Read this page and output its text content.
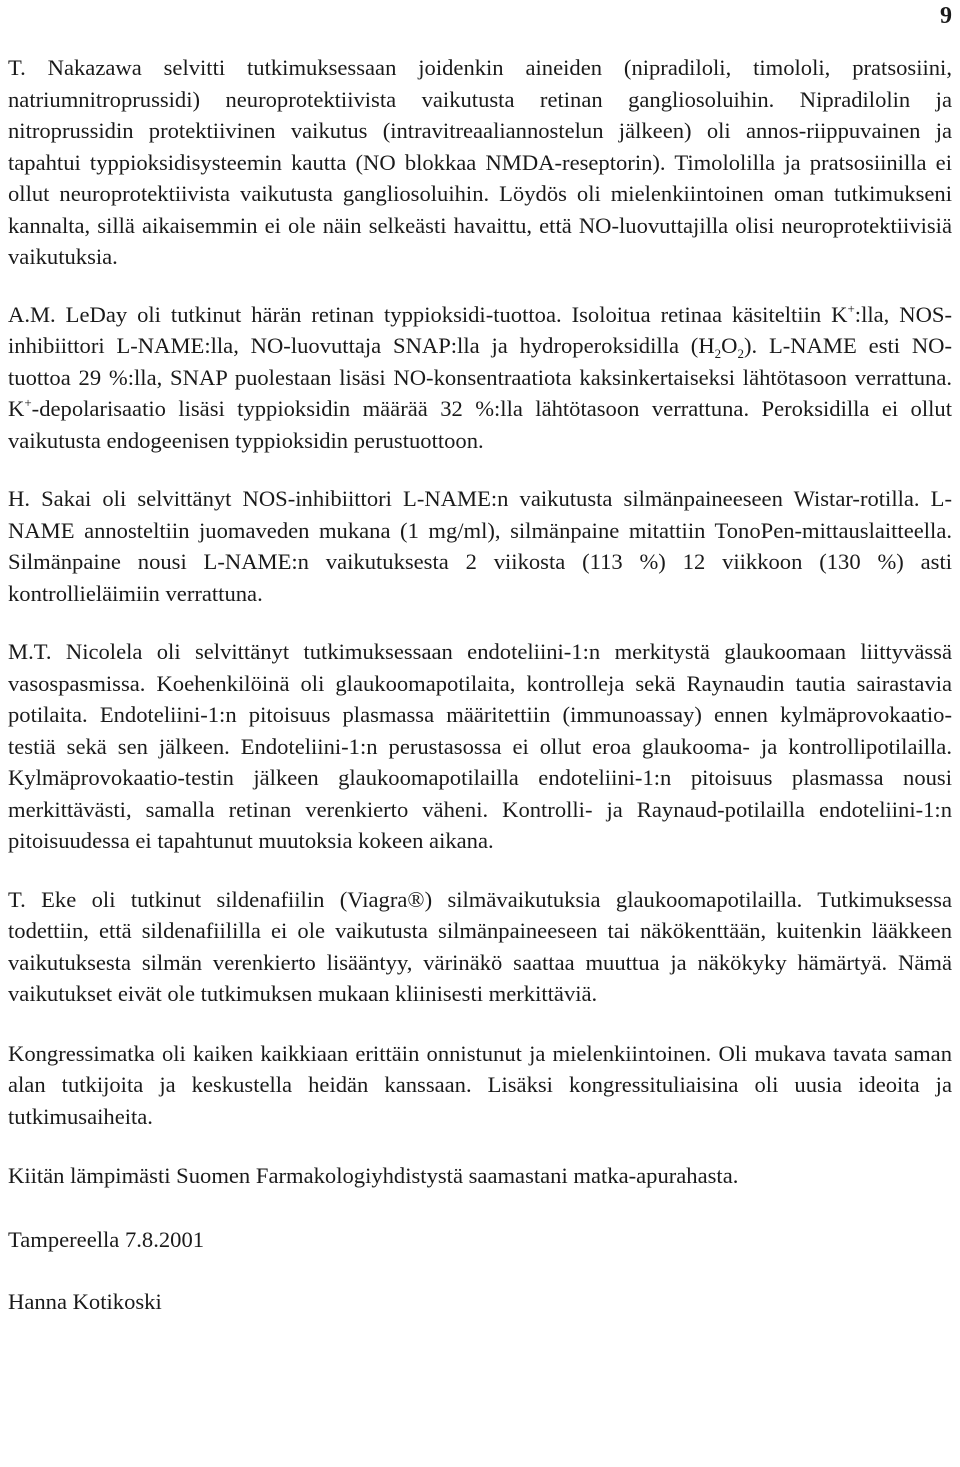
9

T. Nakazawa selvitti tutkimuksessaan joidenkin aineiden (nipradiloli, timololi, pratsosiini, natriumnitroprussidi) neuroprotektiivista vaikutusta retinan gangliosoluihin. Nipradilolin ja nitroprussidin protektiivinen vaikutus (intravitreaaliannostelun jälkeen) oli annos-riippuvainen ja tapahtui typpioksidisysteemin kautta (NO blokkaa NMDA-reseptorin). Timololilla ja pratsosiinilla ei ollut neuroprotektiivista vaikutusta gangliosoluihin. Löydös oli mielenkiintoinen oman tutkimukseni kannalta, sillä aikaisemmin ei ole näin selkeästi havaittu, että NO-luovuttajilla olisi neuroprotektiivisiä vaikutuksia.

A.M. LeDay oli tutkinut härän retinan typpioksidi-tuottoa. Isoloitua retinaa käsiteltiin K+:lla, NOS-inhibiittori L-NAME:lla, NO-luovuttaja SNAP:lla ja hydroperoksidilla $(H_2O_2)$. L-NAME esti NO-tuottoa 29 %:lla, SNAP puolestaan lisäsi NO-konsentraatiota kaksinkertaiseksi lähtötasoon verrattuna. K+-depolarisaatio lisäsi typpioksidin määrää 32 %:lla lähtötasoon verrattuna. Peroksidilla ei ollut vaikutusta endogeenisen typpioksidin perustuottoon.

H. Sakai oli selvittänyt NOS-inhibiittori L-NAME:n vaikutusta silmänpaineeseen Wistar-rotilla. L-NAME annosteltiin juomaveden mukana (1 mg/ml), silmänpaine mitattiin TonoPen-mittauslaitteella. Silmänpaine nousi L-NAME:n vaikutuksesta 2 viikosta (113 %) 12 viikkoon (130 %) asti kontrollieläimiin verrattuna.

M.T. Nicolela oli selvittänyt tutkimuksessaan endoteliini-1:n merkitystä glaukoomaan liittyvässä vasospasmissa. Koehenkilöinä oli glaukoomapotilaita, kontrolleja sekä Raynaudin tautia sairastavia potilaita. Endoteliini-1:n pitoisuus plasmassa määritettiin (immunoassay) ennen kylmäprovokaatio-testiä sekä sen jälkeen. Endoteliini-1:n perustasossa ei ollut eroa glaukooma- ja kontrollipotilailla. Kylmäprovokaatio-testin jälkeen glaukoomapotilailla endoteliini-1:n pitoisuus plasmassa nousi merkittävästi, samalla retinan verenkierto väheni. Kontrolli- ja Raynaud-potilailla endoteliini-1:n pitoisuudessa ei tapahtunut muutoksia kokeen aikana.

T. Eke oli tutkinut sildenafiilin (Viagra®) silmävaikutuksia glaukoomapotilailla. Tutkimuksessa todettiin, että sildenafiililla ei ole vaikutusta silmänpaineeseen tai näkökenttään, kuitenkin lääkkeen vaikutuksesta silmän verenkierto lisääntyy, värinäkö saattaa muuttua ja näkökyky hämärtyä. Nämä vaikutukset eivät ole tutkimuksen mukaan kliinisesti merkittäviä.

Kongressimatka oli kaiken kaikkiaan erittäin onnistunut ja mielenkiintoinen. Oli mukava tavata saman alan tutkijoita ja keskustella heidän kanssaan. Lisäksi kongressituliaisina oli uusia ideoita ja tutkimusaiheita.

Kiitän lämpimästi Suomen Farmakologiyhdistystä saamastani matka-apurahasta.

Tampereella 7.8.2001

Hanna Kotikoski
